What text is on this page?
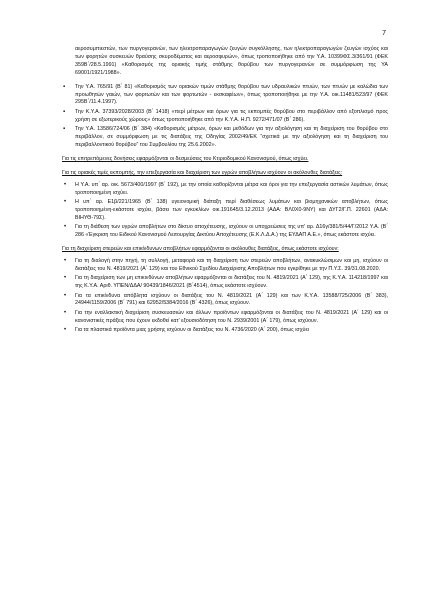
7

αεροσυμπιεστών, των πυργογερανών, των ηλεκτροπαραγωγών ζευγών συγκόλλησης, των ηλεκτροπαραγωγών ζευγών ισχύος και των φορητών συσκευών θραύσης σκυροδέματος και αεροσφυρών», όπως τροποποιήθηκε από την Υ.Α. 10399ΦΣ.3/361/91 (ΦΕΚ 359Β΄/28.5.1991) «Καθορισμός της οριακής τιμής στάθμης θορύβου των πυργογερανών σε συμμόρφωση της ΥΑ 69001/1921/1988».

▪ Την Υ.Α. 765/91 (Β΄ 81) «Καθορισμός των οριακών τιμών στάθμης θορύβου των υδραυλικών πτυών, των πτυών με καλώδια των προωθητών γαιών, των φορτωτών και των φορτωτών - εκσκαφέων», όπως τροποποιήθηκε με την Υ.Α. οικ.11481/523/97 (ΦΕΚ 295Β΄/11.4.1997).
▪ Την Κ.Υ.Α. 37393/2028/2003 (Β΄ 1418) «περί μέτρων και όρων για τις εκπομπές θορύβου στο περιβάλλον από εξοπλισμό προς χρήση σε εξωτερικούς χώρους» όπως τροποποιήθηκε από την Κ.Υ.Α. Η.Π. 9272/471/07 (Β΄ 286).
▪ Την Υ.Α. 13586/724/06 (Β΄ 384) «Καθορισμός μέτρων, όρων και μεθόδων για την αξιολόγηση και τη διαχείριση του θορύβου στο περιβάλλον, σε συμμόρφωση με τις διατάξεις της Οδηγίας 2002/49/ΕΚ “σχετικά με την αξιολόγηση και τη διαχείριση του περιβαλλοντικού θορύβου” του Συμβουλίου της 25.6.2002».

Για τις επιτρεπόμενες δονήσεις εφαρμόζονται οι δεσμεύσεις του Κτιριοδομικού Κανονισμού, όπως ισχύει.

Για τις οριακές τιμές εκπομπής, την επεξεργασία και διαχείριση των υγρών αποβλήτων ισχύουν οι ακόλουθες διατάξεις:

• Η Υ.Α. υπ΄ αρ. οικ. 5673/400/1997 (Β΄ 192), με την οποία καθορίζονται μέτρα και όροι για την επεξεργασία αστικών λυμάτων, όπως τροποποιημένη ισχύει.
• Η υπ΄ αρ. Ε1β/221/1965 (Β΄ 138) υγειονομική διάταξη περί διαθέσεως λυμάτων και βιομηχανικών αποβλήτων, όπως τροποποιημένη-εκάστοτε ισχύει, βάσει των εγκυκλίων οικ.191645/3.12.2013 (ΑΔΑ: ΒΛ0Χ0-9ΝΥ) και ΔΥΓ2/Γ.Π. 22601 (ΑΔΑ: ΒΙΗΥΘ-79Σ).
• Για τη διάθεση των υγρών αποβλήτων στο δίκτυο αποχέτευσης, ισχύουν οι υποχρεώσεις της υπ' αρ. Δ16γ/381/5/44/Γ/2012 Υ.Α. (Β΄ 286 «Έγκριση του Ειδικού Κανονισμού Λειτουργίας Δικτύου Αποχέτευσης (Ε.Κ.Λ.Δ.Α.) της ΕΥΔΑΠ Α.Ε.», όπως εκάστοτε ισχύει.

Για τη διαχείριση στερεών και επικίνδυνων αποβλήτων εφαρμόζονται οι ακόλουθες διατάξεις, όπως εκάστοτε ισχύουν:

• Για τη διαλογή στην πηγή, τη συλλογή, μεταφορά και τη διαχείριση των στερεών αποβλήτων, ανακυκλώσιμων και μη, ισχύουν οι διατάξεις του Ν. 4819/2021 (Α΄ 129) και του Εθνικού Σχεδίου Διαχείρισης Αποβλήτων που εγκρίθηκε με την Π.Υ.Σ. 39/31.08.2020.
• Για τη διαχείριση των μη επικινδύνων αποβλήτων εφαρμόζονται οι διατάξεις του Ν. 4819/2021 (Α΄ 129), της Κ.Υ.Α. 114218/1997 και της Κ.Υ.Α. Αριθ. ΥΠΕΝ/ΔΔΑ/ 90439/1846/2021 (Β΄4514), όπως εκάστοτε ισχύουν.
• Για τα επικίνδυνα απόβλητα ισχύουν οι διατάξεις του Ν. 4819/2021 (Α΄ 129) και των Κ.Υ.Α. 13588/725/2006 (Β΄ 383), 24944/1159/2006 (Β΄ 791) και 62952/5384/2016 (Β΄ 4326), όπως ισχύουν.
• Για την εναλλακτική διαχείριση συσκευασιών και άλλων προϊόντων εφαρμόζονται οι διατάξεις του Ν. 4819/2021 (Α΄ 129) και οι κανονιστικές πράξεις που έχουν εκδοθεί κατ' εξουσιοδότηση του Ν. 2939/2001 (Α΄ 179), όπως ισχύουν.
• Για τα πλαστικά προϊόντα μιας χρήσης ισχύουν οι διατάξεις του Ν. 4736/2020 (Α΄ 200), όπως ισχύει
